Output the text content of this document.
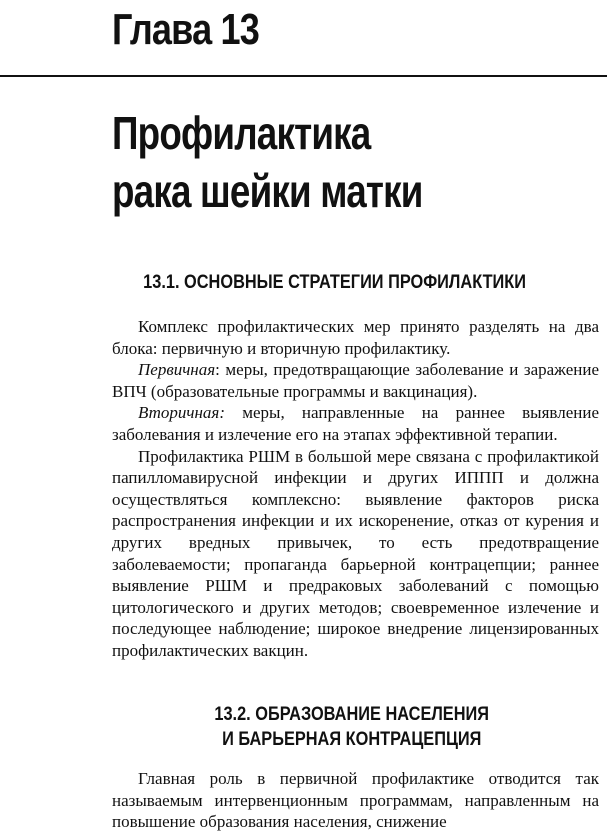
Глава 13
Профилактика
рака шейки матки
13.1. ОСНОВНЫЕ СТРАТЕГИИ ПРОФИЛАКТИКИ

Комплекс профилактических мер принято разделять на два блока: первичную и вторичную профилактику.

Первичная: меры, предотвращающие заболевание и заражение ВПЧ (образовательные программы и вакцинация).

Вторичная: меры, направленные на раннее выявление заболевания и излечение его на этапах эффективной терапии.

Профилактика РШМ в большой мере связана с профилактикой папилломавирусной инфекции и других ИППП и должна осуществляться комплексно: выявление факторов риска распространения инфекции и их искоренение, отказ от курения и других вредных привычек, то есть предотвращение заболеваемости; пропаганда барьерной контрацепции; раннее выявление РШМ и предраковых заболеваний с помощью цитологического и других методов; своевременное излечение и последующее наблюдение; широкое внедрение лицензированных профилактических вакцин.

13.2. ОБРАЗОВАНИЕ НАСЕЛЕНИЯ
И БАРЬЕРНАЯ КОНТРАЦЕПЦИЯ

Главная роль в первичной профилактике отводится так называемым интервенционным программам, направленным на повышение образования населения, снижение
